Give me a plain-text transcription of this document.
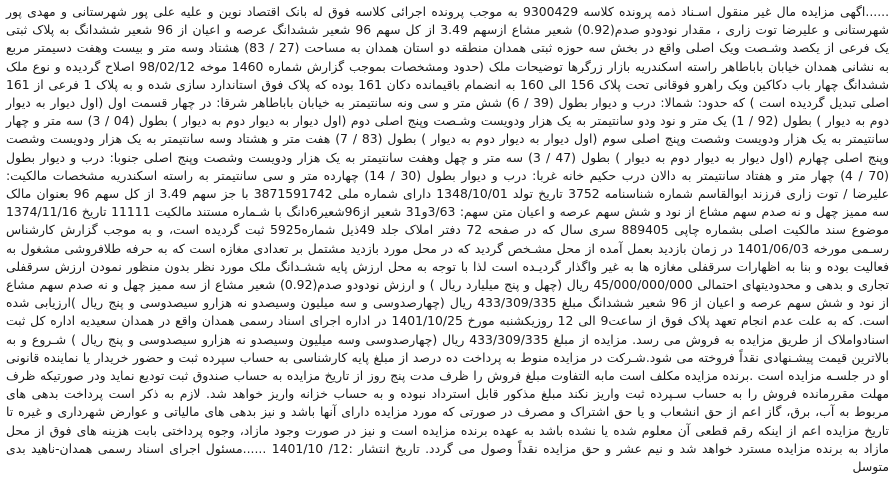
......اگهی مزایده مال غیر منقول اسـناد ذمه پرونده کلاسه 9300429 به موجب پرونده اجرائی کلاسه فوق له بانک اقتصاد نوین و علیه علی پور شهرستانی و مهدی پور شهرستانی و علیرضا توت زاری ، مقدار نودودو صدم(0.92) شعیر مشاع ازسهم 3.49 از کل سهم 96 شعیر ششدانگ عرصه و اعیان از 96 شعیر ششدانگ به پلاک ثبتی یک فرعی از یکصد وشـصت ویک اصلی واقع در بخش سه حوزه ثبتی همدان منطقه دو استان همدان به مساحت (27 / 83) هشتاد وسه متر و بیست وهفت دسیمتر مربع به نشانی همدان خیابان باباطاهر راسته اسکندریه بازار زرگرها توضیحات ملک (حدود ومشخصات بموجب گزارش شماره 1460 موخه 98/02/12 اصلاح گردیده و نوع ملک ششدانگ چهار باب دکاکین ویک راهرو فوقانی تحت پلاک 156 الی 160 به انضمام باقیمانده دکان 161 بوده که پلاک فوق استاندارد سازی شده و به پلاک 1 فرعی از 161 اصلی تبدیل گردیده است ) که حدود: شمالا: درب و دیوار بطول (39 / 6) شش متر و سی ونه سانتیمتر به خیابان باباطاهر شرقا: در چهار قسمت اول (اول دیوار به دیوار دوم به دیوار ) بطول (92 / 1) یک متر و نود ودو سانتیمتر به یک هزار ودویست وشـصت وپنج اصلی دوم (اول دیوار به دیوار دوم به دیوار ) بطول (04 / 3) سه متر و چهار سانتیمتر به یک هزار ودویست وشصت وپنج اصلی سوم (اول دیوار به دیوار دوم به دیوار ) بطول (83 / 7) هفت متر و هشتاد وسه سانتیمتر به یک هزار ودویست وشصت وپنج اصلی چهارم (اول دیوار به دیوار دوم به دیوار ) بطول (47 / 3) سه متر و چهل وهفت سانتیمتر به یک هزار ودویست وشصت وپنج اصلی جنوبا: درب و دیوار بطول (70 / 4) چهار متر و هفتاد سانتیمتر به دالان درب حکیم خانه غربا: درب و دیوار بطول (30 / 14) چهارده متر و سی سانتیمتر به راسته اسکندریه مشخصات مالکیت: علیرضا / توت زاری فرزند ابوالقاسم شماره شناسنامه 3752 تاریخ تولد 1348/10/01 دارای شماره ملی 3871591742 با جز سهم 3.49 از کل سهم 96 بعنوان مالک سه ممیز چهل و نه صدم سهم مشاع از نود و شش سهم عرصه و اعیان متن سهم: 3/63و31 شعیر از96شعیر6دانگ با شـماره مستند مالکیت 11111 تاریخ 1374/11/16 موضوع سند مالکیت اصلی بشماره چاپی 889405 سری سال که در صفحه 72 دفتر املاک جلد 49ذیل شماره5925 ثبت گردیده است، و به موجب گزارش کارشناس رسـمی مورخه 1401/06/03 در زمان بازدید بعمل آمده از محل مشـخص گردید که در محل مورد بازدید مشتمل بر تعدادی مغازه است که به حرفه طلافروشی مشغول به فعالیت بوده و بنا به اظهارات سرقفلی مغازه ها به غیر واگذار گردیـده است لذا با توجه به محل ارزش پایه ششـدانگ ملک مورد نظر بدون منظور نمودن ارزش سرقفلی تجاری و بدهی و محدودیتهای احتمالی 45/000/000/000 ریال (چهل و پنج میلیارد ریال ) و ارزش نودودو صدم(0.92) شعیر مشاع از سه ممیز چهل و نه صدم سهم مشاع از نود و شش سهم عرصه و اعیان از 96 شعیر ششدانگ مبلغ 433/309/335 ریال (چهارصدوسی و سه میلیون وسیصدو نه هزارو سیصدوسی و پنج ریال )ارزیابی شده است. که به علت عدم انجام تعهد پلاک فوق از ساعت9 الی 12 روزیکشنبه مورخ 1401/10/25 در اداره اجرای اسناد رسمی همدان واقع در همدان سعیدیه اداره کل ثبت اسنادواملاک از طریق مزایده به فروش می رسد. مزایده از مبلغ 433/309/335 ریال (چهارصدوسی وسه میلیون وسیصدو نه هزارو سیصدوسی و پنج ریال ) شـروع و به بالاترین قیمت پیشـنهادی نقداً فروخته می شود.شـرکت در مزایده منوط به پرداخت ده درصد از مبلغ پایه کارشناسی به حساب سپرده ثبت و حضور خریدار یا نماینده قانونی او در جلسـه مزایده است .برنده مزایده مکلف است مابه التفاوت مبلغ فروش را ظرف مدت پنج روز از تاریخ مزایده به حساب صندوق ثبت تودیع نماید ودر صورتیکه ظرف مهلت مقررمانده فروش را به حساب سـپرده ثبت واریز نکند مبلغ مذکور قابل استرداد نبوده و به حساب خزانه واریز خواهد شد. لازم به ذکر است پرداخت بدهی های مربوط به آب، برق، گاز اعم از حق انشعاب و یا حق اشتراک و مصرف در صورتی که مورد مزایده دارای آنها باشد و نیز بدهی های مالیاتی و عوارض شهرداری و غیره تا تاریخ مزایده اعم از اینکه رقم قطعی آن معلوم شده یا نشده باشد به عهده برنده مزایده است و نیز در صورت وجود مازاد، وجوه پرداختی بابت هزینه های فوق از محل مازاد به برنده مزایده مسترد خواهد شد و نیم عشر و حق مزایده نقداً وصول می گردد. تاریخ انتشار :12/ 1401/10 ......مسئول اجرای اسناد رسمی همدان-ناهید بدی متوسل
